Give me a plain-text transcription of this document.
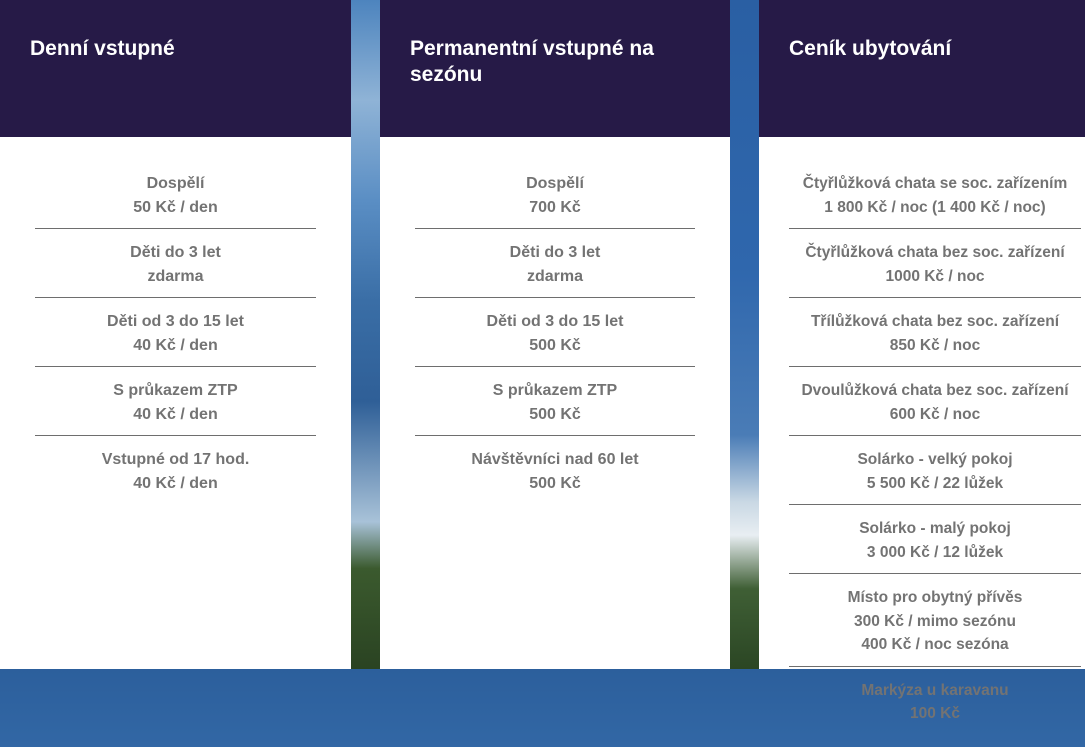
Denní vstupné
Dospělí
50 Kč / den
Děti do 3 let
zdarma
Děti od 3 do 15 let
40 Kč / den
S průkazem ZTP
40 Kč / den
Vstupné od 17 hod.
40 Kč / den
Permanentní vstupné na sezónu
Dospělí
700 Kč
Děti do 3 let
zdarma
Děti od 3 do 15 let
500 Kč
S průkazem ZTP
500 Kč
Návštěvníci nad 60 let
500 Kč
Ceník ubytování
Čtyřlůžková chata se soc. zařízením
1 800 Kč / noc (1 400 Kč / noc)
Čtyřlůžková chata bez soc. zařízení
1000 Kč / noc
Třílůžková chata bez soc. zařízení
850 Kč / noc
Dvoulůžková chata bez soc. zařízení
600 Kč / noc
Solárko - velký pokoj
5 500 Kč / 22 lůžek
Solárko - malý pokoj
3 000 Kč / 12 lůžek
Místo pro obytný přívěs
300 Kč / mimo sezónu
400 Kč / noc sezóna
Markýza u karavanu
100 Kč
